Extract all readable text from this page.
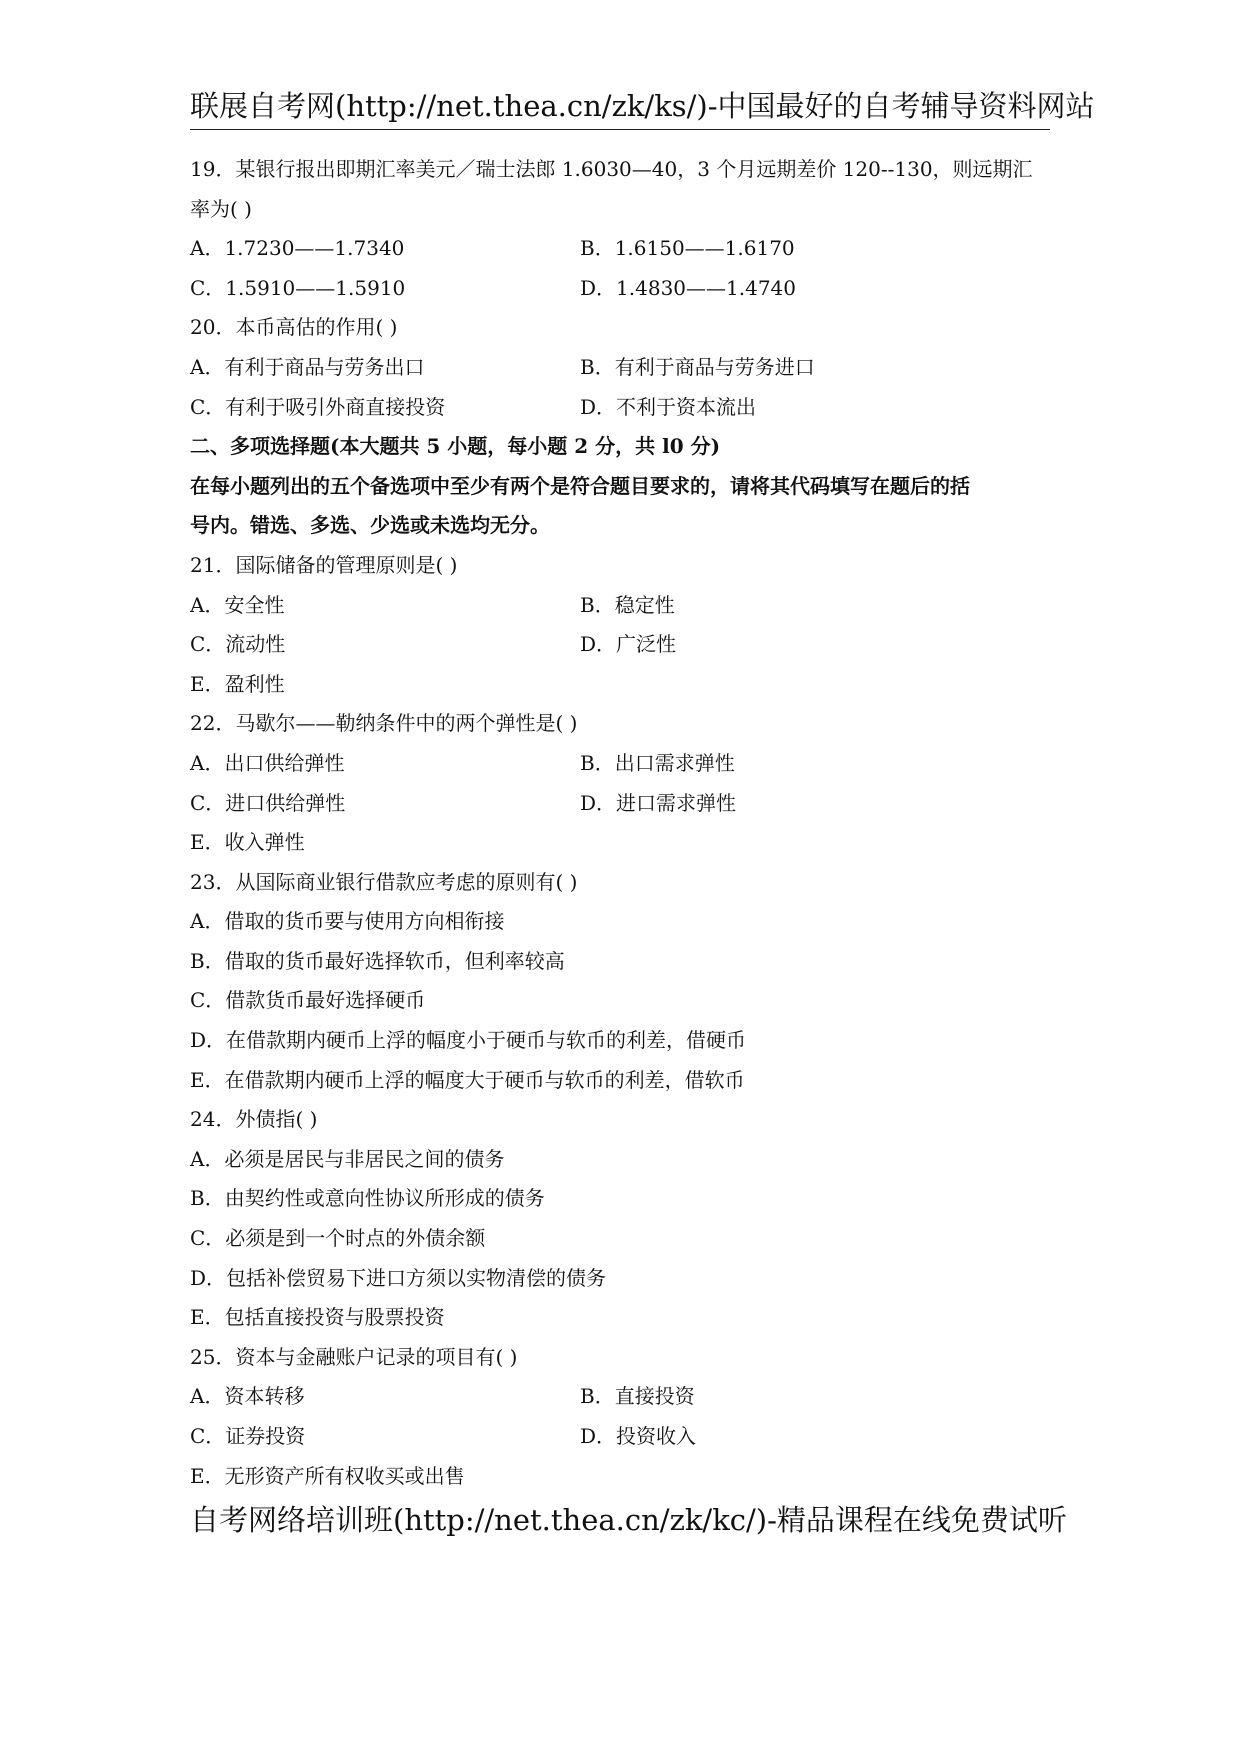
联展自考网(http://net.thea.cn/zk/ks/)-中国最好的自考辅导资料网站
19．某银行报出即期汇率美元／瑞士法郎 1.6030—40，3 个月远期差价 120--130，则远期汇
率为( )
A．1.7230——1.7340	B．1.6150——1.6170
C．1.5910——1.5910	D．1.4830——1.4740
20．本币高估的作用( )
A．有利于商品与劳务出口	B．有利于商品与劳务进口
C．有利于吸引外商直接投资	D．不利于资本流出
二、多项选择题(本大题共 5 小题，每小题 2 分，共 l0 分)
在每小题列出的五个备选项中至少有两个是符合题目要求的，请将其代码填写在题后的括
号内。错选、多选、少选或未选均无分。
21．国际储备的管理原则是( )
A．安全性	B．稳定性
C．流动性	D．广泛性
E．盈利性
22．马歇尔——勒纳条件中的两个弹性是( )
A．出口供给弹性	B．出口需求弹性
C．进口供给弹性	D．进口需求弹性
E．收入弹性
23．从国际商业银行借款应考虑的原则有( )
A．借取的货币要与使用方向相衔接
B．借取的货币最好选择软币，但利率较高
C．借款货币最好选择硬币
D．在借款期内硬币上浮的幅度小于硬币与软币的利差，借硬币
E．在借款期内硬币上浮的幅度大于硬币与软币的利差，借软币
24．外债指( )
A．必须是居民与非居民之间的债务
B．由契约性或意向性协议所形成的债务
C．必须是到一个时点的外债余额
D．包括补偿贸易下进口方须以实物清偿的债务
E．包括直接投资与股票投资
25．资本与金融账户记录的项目有( )
A．资本转移	B．直接投资
C．证券投资	D．投资收入
E．无形资产所有权收买或出售
自考网络培训班(http://net.thea.cn/zk/kc/)-精品课程在线免费试听
